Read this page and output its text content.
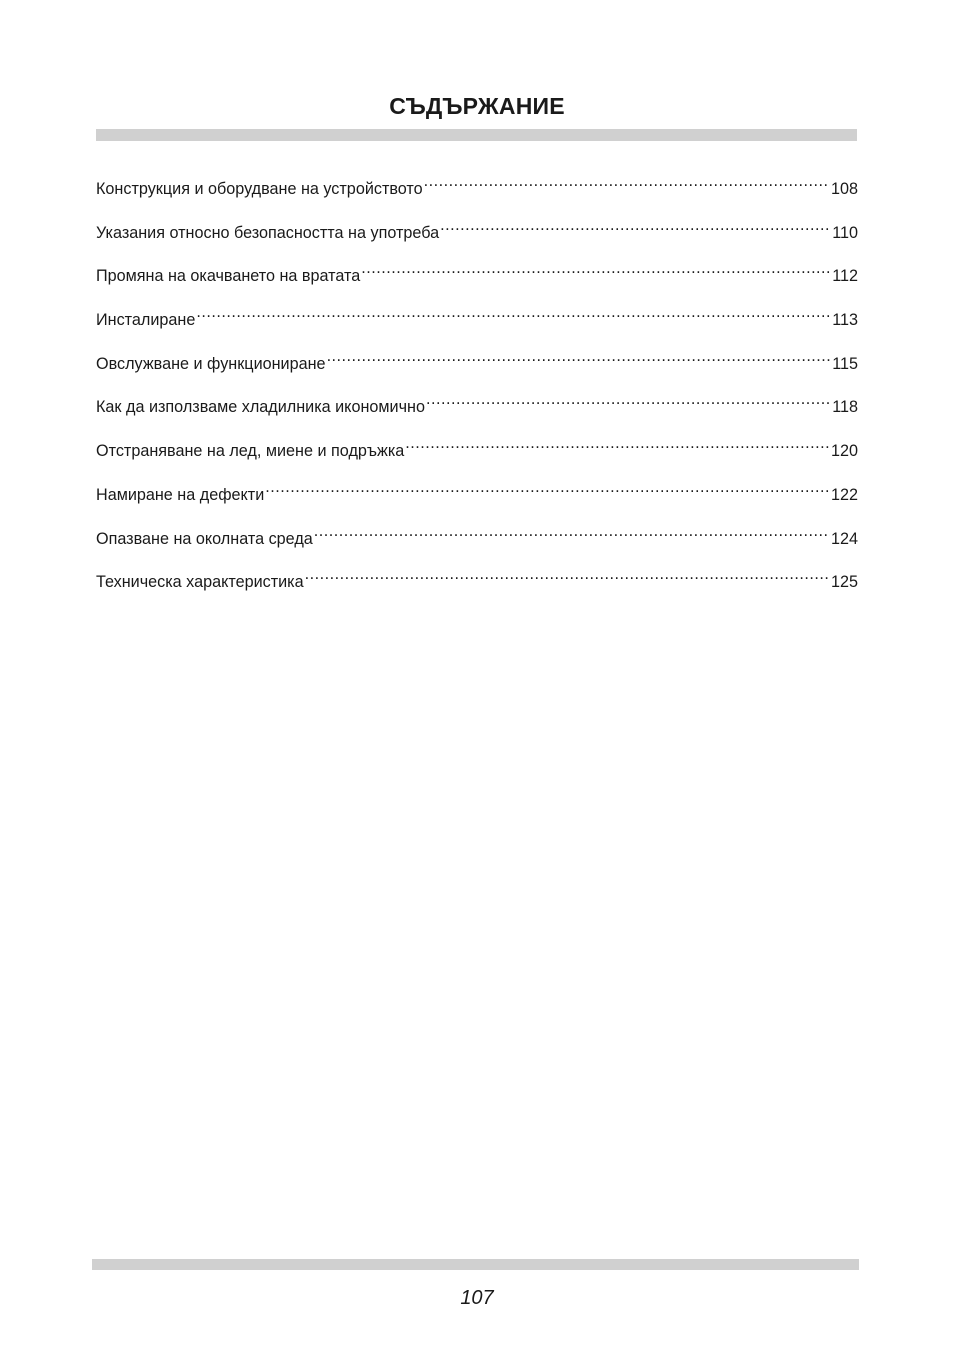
СЪДЪРЖАНИЕ
Конструкция и оборудване на устройството .....	108
Указания относно безопасността на употреба .....	110
Промяна на окачването на вратата .....	112
Инсталиране .....	113
Овслужване и функциониране .....	115
Как да използваме хладилника икономично .....	118
Отстраняване на лед, миене и подръжка .....	120
Намиране на дефекти .....	122
Опазване на околната среда .....	124
Техническа характеристика .....	125
107
